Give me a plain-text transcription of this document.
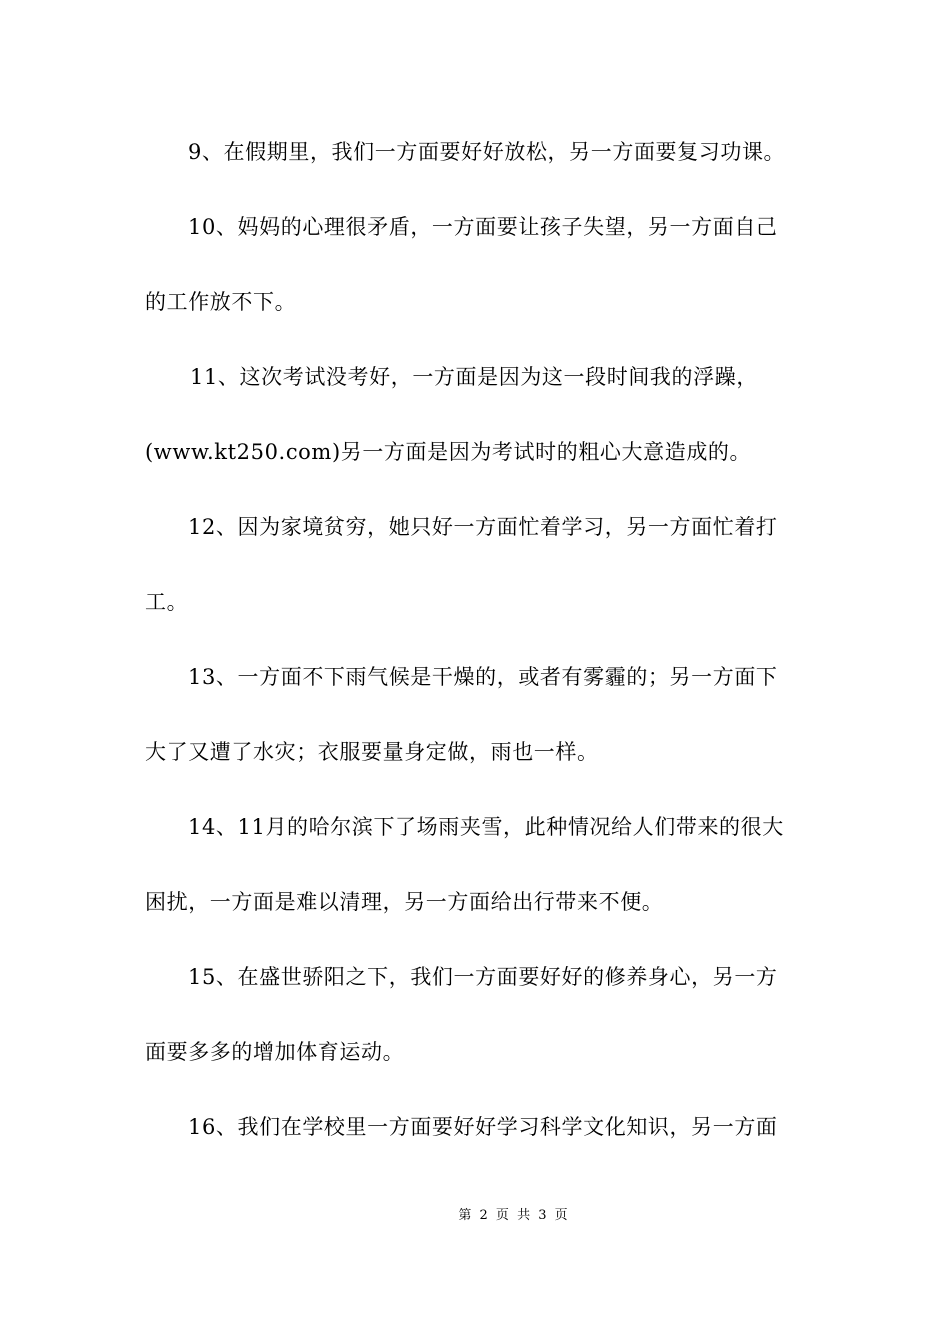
9、在假期里，我们一方面要好好放松，另一方面要复习功课。
10、妈妈的心理很矛盾，一方面要让孩子失望，另一方面自己
的工作放不下。
11、这次考试没考好，一方面是因为这一段时间我的浮躁，
(www.kt250.com)另一方面是因为考试时的粗心大意造成的。
12、因为家境贫穷，她只好一方面忙着学习，另一方面忙着打
工。
13、一方面不下雨气候是干燥的，或者有雾霾的；另一方面下
大了又遭了水灾；衣服要量身定做，雨也一样。
14、11月的哈尔滨下了场雨夹雪，此种情况给人们带来的很大
困扰，一方面是难以清理，另一方面给出行带来不便。
15、在盛世骄阳之下，我们一方面要好好的修养身心，另一方
面要多多的增加体育运动。
16、我们在学校里一方面要好好学习科学文化知识，另一方面
第 2 页 共 3 页
